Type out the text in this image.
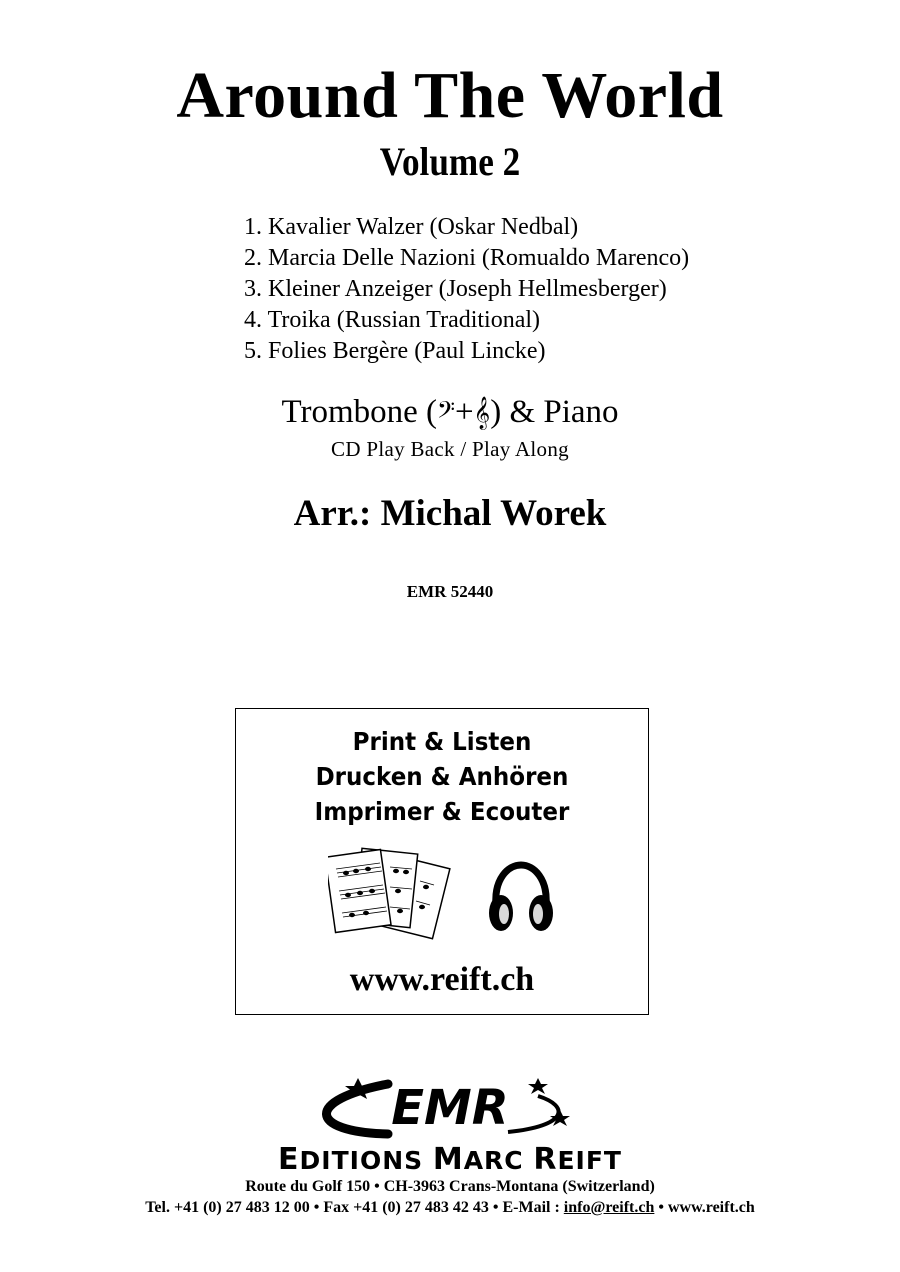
Around The World
Volume 2
1. Kavalier Walzer (Oskar Nedbal)
2. Marcia Delle Nazioni (Romualdo Marenco)
3. Kleiner Anzeiger (Joseph Hellmesberger)
4. Troika (Russian Traditional)
5. Folies Bergère (Paul Lincke)
Trombone (𝄢+𝄞) & Piano
CD Play Back / Play Along
Arr.: Michal Worek
EMR 52440
Print & Listen
Drucken & Anhören
Imprimer & Ecouter
www.reift.ch
EMR
EDITIONS MARC REIFT
Route du Golf 150 • CH-3963 Crans-Montana (Switzerland)
Tel. +41 (0) 27 483 12 00 • Fax +41 (0) 27 483 42 43 • E-Mail : info@reift.ch • www.reift.ch
